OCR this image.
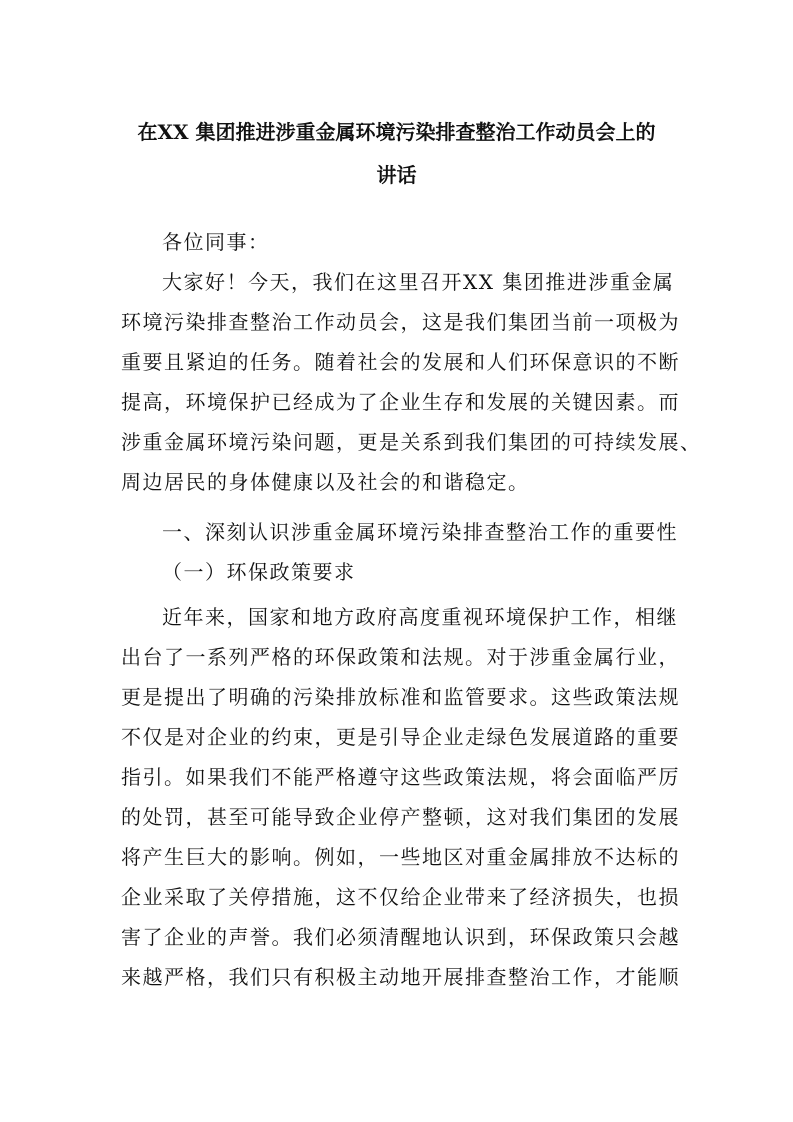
在XX 集团推进涉重金属环境污染排查整治工作动员会上的
讲话
各位同事：
大家好！今天，我们在这里召开XX 集团推进涉重金属
环境污染排查整治工作动员会，这是我们集团当前一项极为
重要且紧迫的任务。随着社会的发展和人们环保意识的不断
提高，环境保护已经成为了企业生存和发展的关键因素。而
涉重金属环境污染问题，更是关系到我们集团的可持续发展、
周边居民的身体健康以及社会的和谐稳定。
一、深刻认识涉重金属环境污染排查整治工作的重要性
（一）环保政策要求
近年来，国家和地方政府高度重视环境保护工作，相继
出台了一系列严格的环保政策和法规。对于涉重金属行业，
更是提出了明确的污染排放标准和监管要求。这些政策法规
不仅是对企业的约束，更是引导企业走绿色发展道路的重要
指引。如果我们不能严格遵守这些政策法规，将会面临严厉
的处罚，甚至可能导致企业停产整顿，这对我们集团的发展
将产生巨大的影响。例如，一些地区对重金属排放不达标的
企业采取了关停措施，这不仅给企业带来了经济损失，也损
害了企业的声誉。我们必须清醒地认识到，环保政策只会越
来越严格，我们只有积极主动地开展排查整治工作，才能顺
